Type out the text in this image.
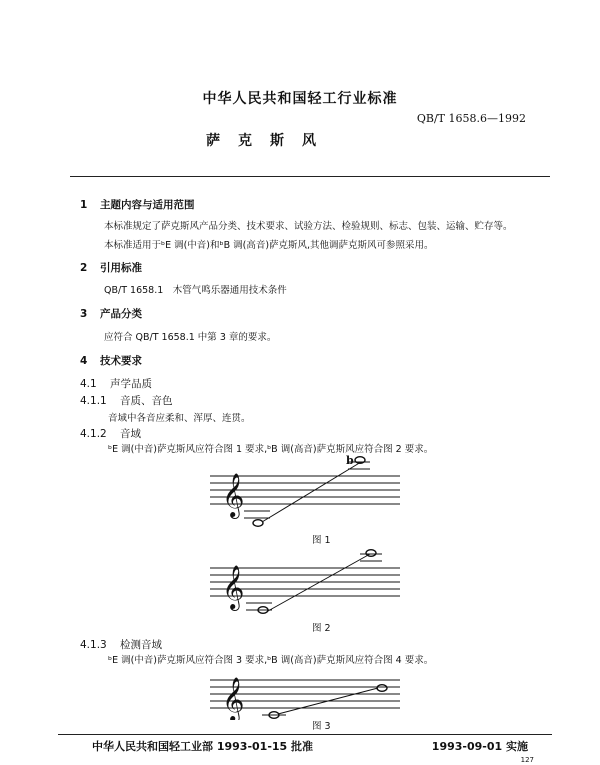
中华人民共和国轻工行业标准
QB/T 1658.6—1992
萨克斯风
1 主题内容与适用范围
本标准规定了萨克斯风产品分类、技术要求、试验方法、检验规则、标志、包装、运输、贮存等。
本标准适用于ᵇE 调(中音)和ᵇB 调(高音)萨克斯风,其他调萨克斯风可参照采用。
2 引用标准
QB/T 1658.1　木管气鸣乐器通用技术条件
3 产品分类
应符合 QB/T 1658.1 中第 3 章的要求。
4 技术要求
4.1 声学品质
4.1.1 音质、音色
音域中各音应柔和、浑厚、连贯。
4.1.2 音域
ᵇE 调(中音)萨克斯风应符合图 1 要求,ᵇB 调(高音)萨克斯风应符合图 2 要求。
𝄞
b
图 1
𝄞
图 2
4.1.3 检测音域
ᵇE 调(中音)萨克斯风应符合图 3 要求,ᵇB 调(高音)萨克斯风应符合图 4 要求。
𝄞
图 3
中华人民共和国轻工业部 1993-01-15 批准	1993-09-01 实施
127
